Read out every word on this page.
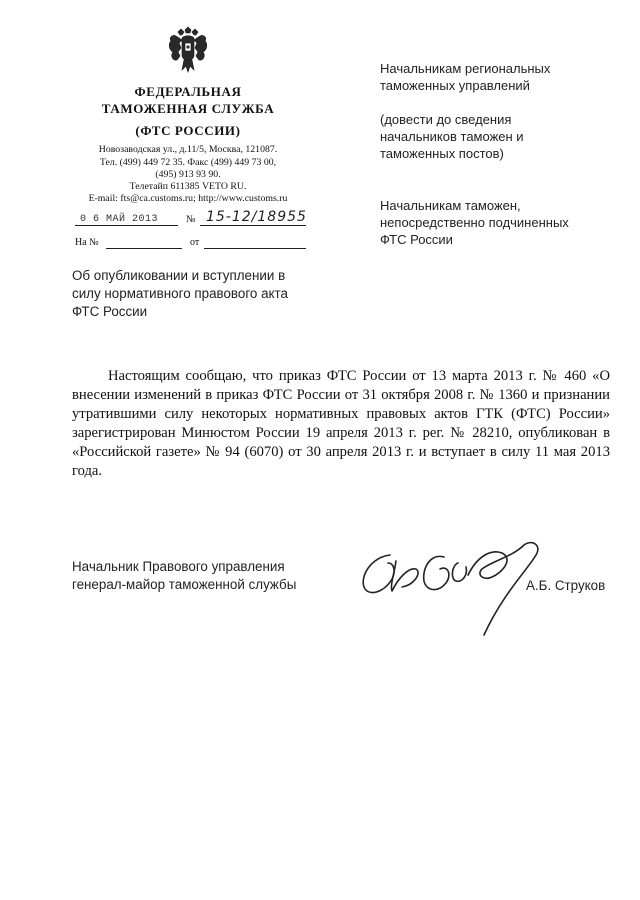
ФЕДЕРАЛЬНАЯ
ТАМОЖЕННАЯ СЛУЖБА
(ФТС РОССИИ)
Новозаводская ул., д.11/5, Москва, 121087.
Тел. (499) 449 72 35. Факс (499) 449 73 00,
(495) 913 93 90.
Телетайп 611385 VETO RU.
E-mail: fts@ca.customs.ru; http://www.customs.ru
0 6 МАЙ 2013	№ 15-12/18955
На №	от
Начальникам региональных
таможенных управлений
(довести до сведения
начальников таможен и
таможенных постов)
Начальникам таможен,
непосредственно подчиненных
ФТС России
Об опубликовании и вступлении в
силу нормативного правового акта
ФТС России
Настоящим сообщаю, что приказ ФТС России от 13 марта 2013 г. № 460 «О внесении изменений в приказ ФТС России от 31 октября 2008 г. № 1360 и признании утратившими силу некоторых нормативных правовых актов ГТК (ФТС) России» зарегистрирован Минюстом России 19 апреля 2013 г. рег. № 28210, опубликован в «Российской газете» № 94 (6070) от 30 апреля 2013 г. и вступает в силу 11 мая 2013 года.
Начальник Правового управления
генерал-майор таможенной службы	А.Б. Струков
